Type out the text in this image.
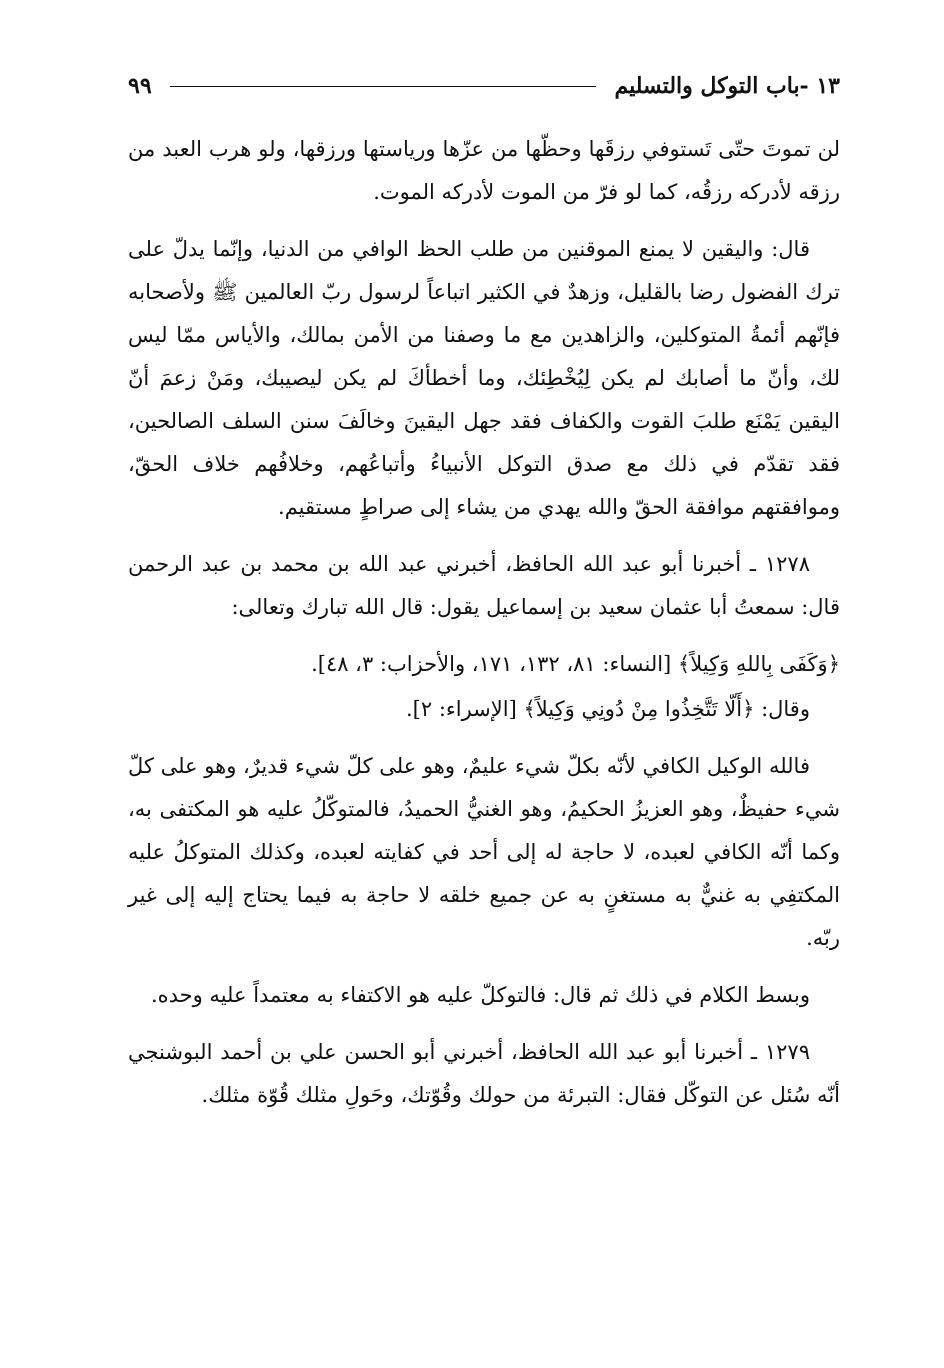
١٣ -باب التوكل والتسليم
٩٩

لن تموتَ حتّى تَستوفي رزقَها وحظّها من عزّها ورياستها ورزقها، ولو هرب العبد من رزقه لأدركه رزقُه، كما لو فرّ من الموت لأدركه الموت.

قال: واليقين لا يمنع الموقنين من طلب الحظ الوافي من الدنيا، وإنّما يدلّ على ترك الفضول رضا بالقليل، وزهدٌ في الكثير اتباعاً لرسول ربّ العالمين ﷺ ولأصحابه فإنّهم أئمةُ المتوكلين، والزاهدين مع ما وصفنا من الأمن بمالك، والأياس ممّا ليس لك، وأنّ ما أصابك لم يكن لِيُخْطِئك، وما أخطأكَ لم يكن ليصيبك، ومَنْ زعمَ أنّ اليقين يَمْنَع طلبَ القوت والكفاف فقد جهل اليقينَ وخالَفَ سنن السلف الصالحين، فقد تقدّم في ذلك مع صدق التوكل الأنبياءُ وأتباعُهم، وخلافُهم خلاف الحقّ، وموافقتهم موافقة الحقّ والله يهدي من يشاء إلى صراطٍ مستقيم.

١٢٧٨ ـ أخبرنا أبو عبد الله الحافظ، أخبرني عبد الله بن محمد بن عبد الرحمن قال: سمعتُ أبا عثمان سعيد بن إسماعيل يقول: قال الله تبارك وتعالى:

﴿وَكَفَى بِاللهِ وَكِيلاً﴾ [النساء: ٨١، ١٣٢، ١٧١، والأحزاب: ٣، ٤٨].

وقال: ﴿أَلّا تَتَّخِذُوا مِنْ دُونِي وَكِيلاً﴾ [الإسراء: ٢].

فالله الوكيل الكافي لأنّه بكلّ شيء عليمٌ، وهو على كلّ شيء قديرٌ، وهو على كلّ شيء حفيظٌ، وهو العزيزُ الحكيمُ، وهو الغنيُّ الحميدُ، فالمتوكّلُ عليه هو المكتفى به، وكما أنّه الكافي لعبده، لا حاجة له إلى أحد في كفايته لعبده، وكذلك المتوكلُ عليه المكتفِي به غنيٌّ به مستغنٍ به عن جميع خلقه لا حاجة به فيما يحتاج إليه إلى غير ربّه.

وبسط الكلام في ذلك ثم قال: فالتوكلّ عليه هو الاكتفاء به معتمداً عليه وحده.

١٢٧٩ ـ أخبرنا أبو عبد الله الحافظ، أخبرني أبو الحسن علي بن أحمد البوشنجي أنّه سُئل عن التوكّل فقال: التبرئة من حولك وقُوّتك، وحَولِ مثلك قُوّة مثلك.
